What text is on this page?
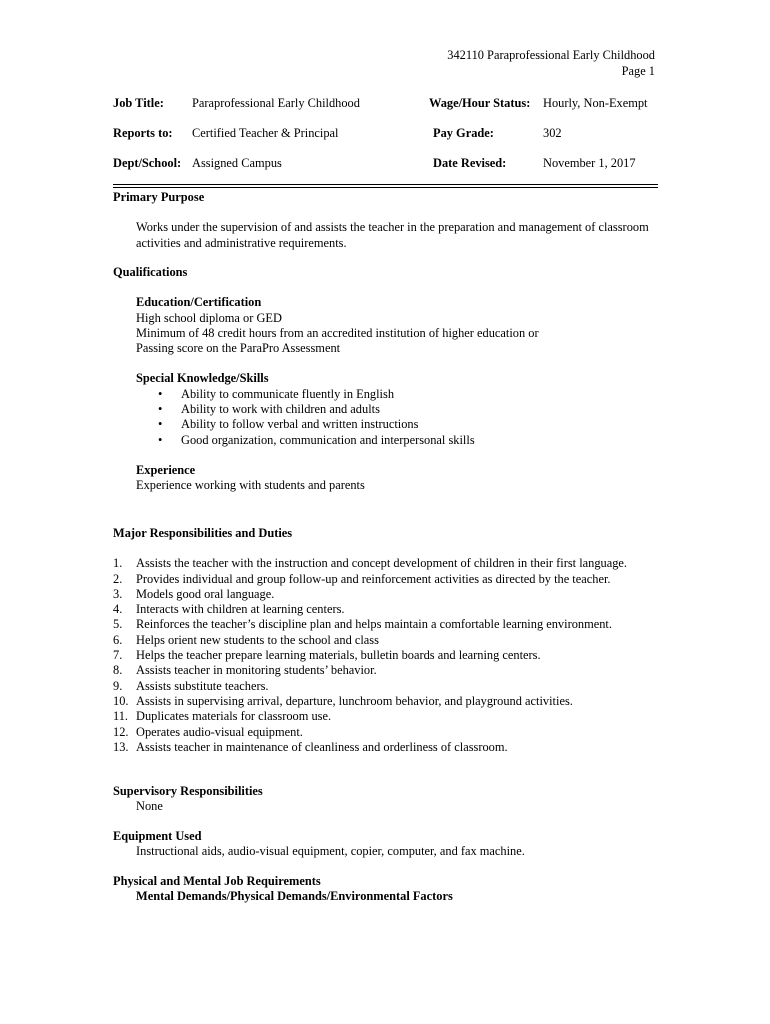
342110 Paraprofessional Early Childhood
Page 1
Job Title: Paraprofessional Early Childhood	Wage/Hour Status: Hourly, Non-Exempt
Reports to: Certified Teacher & Principal	Pay Grade:	302
Dept/School: Assigned Campus	Date Revised:	November 1, 2017
Primary Purpose
Works under the supervision of and assists the teacher in the preparation and management of classroom activities and administrative requirements.
Qualifications
Education/Certification
High school diploma or GED
Minimum of 48 credit hours from an accredited institution of higher education or
Passing score on the ParaPro Assessment
Special Knowledge/Skills
• Ability to communicate fluently in English
• Ability to work with children and adults
• Ability to follow verbal and written instructions
• Good organization, communication and interpersonal skills
Experience
Experience working with students and parents
Major Responsibilities and Duties
1. Assists the teacher with the instruction and concept development of children in their first language.
2. Provides individual and group follow-up and reinforcement activities as directed by the teacher.
3. Models good oral language.
4. Interacts with children at learning centers.
5. Reinforces the teacher’s discipline plan and helps maintain a comfortable learning environment.
6. Helps orient new students to the school and class
7. Helps the teacher prepare learning materials, bulletin boards and learning centers.
8. Assists teacher in monitoring students’ behavior.
9. Assists substitute teachers.
10. Assists in supervising arrival, departure, lunchroom behavior, and playground activities.
11. Duplicates materials for classroom use.
12. Operates audio-visual equipment.
13. Assists teacher in maintenance of cleanliness and orderliness of classroom.
Supervisory Responsibilities
None
Equipment Used
Instructional aids, audio-visual equipment, copier, computer, and fax machine.
Physical and Mental Job Requirements
Mental Demands/Physical Demands/Environmental Factors
